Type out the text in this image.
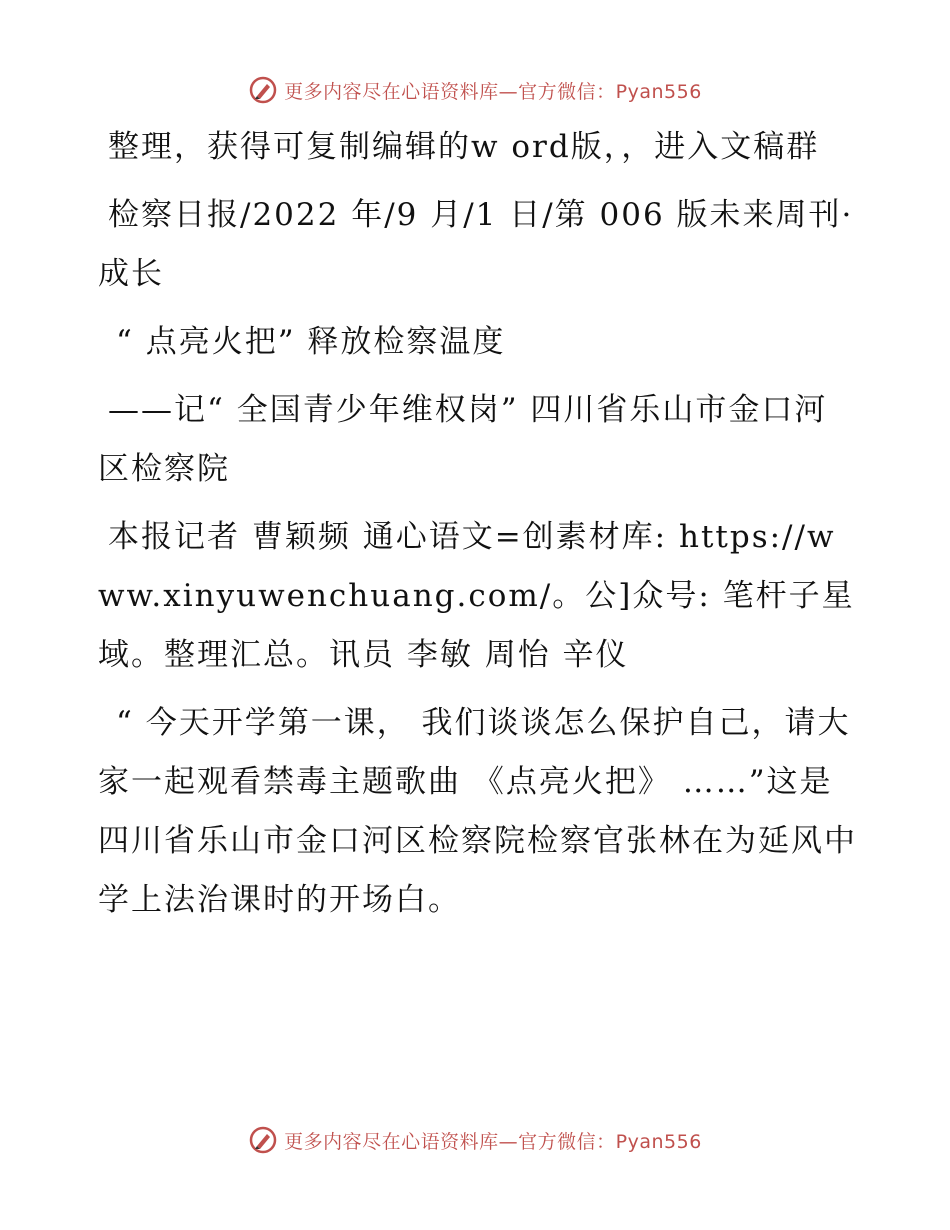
更多内容尽在心语资料库—官方微信：Pyan556

整理，获得可复制编辑的w ord版，，进入文稿群

检察日报/2022 年/9 月/1 日/第 006 版未来周刊· 成长

“ 点亮火把” 释放检察温度

——记“ 全国青少年维权岗” 四川省乐山市金口河区检察院

本报记者 曹颖频 通心语文=创素材库: https://www.xinyuwenchuang.com/。公]众号: 笔杆子星域。整理汇总。讯员 李敏 周怡 辛仪

“ 今天开学第一课， 我们谈谈怎么保护自己，请大家一起观看禁毒主题歌曲 《点亮火把》 ……”这是四川省乐山市金口河区检察院检察官张林在为延风中学上法治课时的开场白。

更多内容尽在心语资料库—官方微信：Pyan556
